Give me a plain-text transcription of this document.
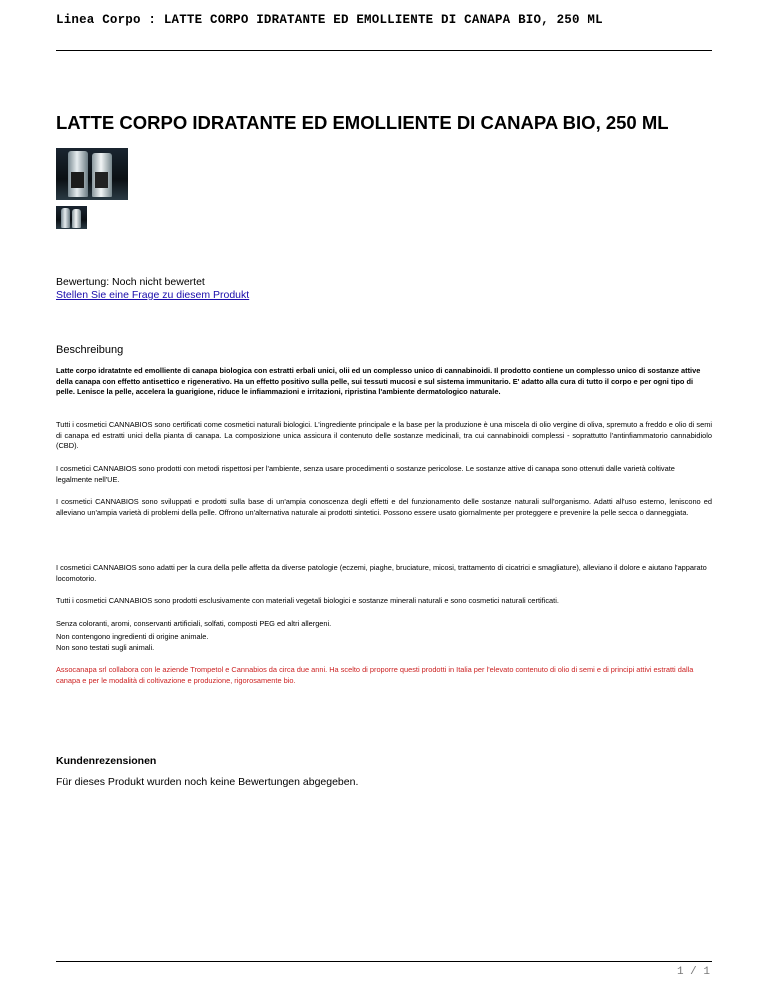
Linea Corpo : LATTE CORPO IDRATANTE ED EMOLLIENTE DI CANAPA BIO, 250 ML
LATTE CORPO IDRATANTE ED EMOLLIENTE DI CANAPA BIO, 250 ML
Bewertung: Noch nicht bewertet
Stellen Sie eine Frage zu diesem Produkt
Beschreibung
Latte corpo idratatnte ed emolliente di canapa biologica con estratti erbali unici, olii ed un complesso unico di cannabinoidi. Il prodotto contiene un complesso unico di sostanze attive della canapa con effetto antisettico e rigenerativo. Ha un effetto positivo sulla pelle, sui tessuti mucosi e sul sistema immunitario. E' adatto alla cura di tutto il corpo e per ogni tipo di pelle. Lenisce la pelle, accelera la guarigione, riduce le infiammazioni e irritazioni, ripristina l'ambiente dermatologico naturale.
Tutti i cosmetici CANNABIOS sono certificati come cosmetici naturali biologici. L'ingrediente principale e la base per la produzione è una miscela di olio vergine di oliva, spremuto a freddo e olio di semi di canapa ed estratti unici della pianta di canapa. La composizione unica assicura il contenuto delle sostanze medicinali, tra cui cannabinoidi complessi - soprattutto l'antinfiammatorio cannabidiolo (CBD).
I cosmetici CANNABIOS sono prodotti con metodi rispettosi per l'ambiente, senza usare procedimenti o sostanze pericolose. Le sostanze attive di canapa sono ottenuti dalle varietà coltivate legalmente nell'UE.
I cosmetici CANNABIOS sono sviluppati e prodotti sulla base di un'ampia conoscenza degli effetti e del funzionamento delle sostanze naturali sull'organismo. Adatti all'uso esterno, leniscono ed alleviano un'ampia varietà di problemi della pelle. Offrono un'alternativa naturale ai prodotti sintetici. Possono essere usato giornalmente per proteggere e prevenire la pelle secca o danneggiata.
I cosmetici CANNABIOS sono adatti per la cura della pelle affetta da diverse patologie (eczemi, piaghe, bruciature, micosi, trattamento di cicatrici e smagliature), alleviano il dolore e aiutano l'apparato locomotorio.
Tutti i cosmetici CANNABIOS sono prodotti esclusivamente con materiali vegetali biologici e sostanze minerali naturali e sono cosmetici naturali certificati.
Senza coloranti, aromi, conservanti artificiali, solfati, composti PEG ed altri allergeni.
Non contengono ingredienti di origine animale.
Non sono testati sugli animali.
Assocanapa srl collabora con le aziende Trompetol e Cannabios da circa due anni. Ha scelto di proporre questi prodotti in Italia per l'elevato contenuto di olio di semi e di principi attivi estratti dalla canapa e per le modalità di coltivazione e produzione, rigorosamente bio.
Kundenrezensionen
Für dieses Produkt wurden noch keine Bewertungen abgegeben.
1 / 1
